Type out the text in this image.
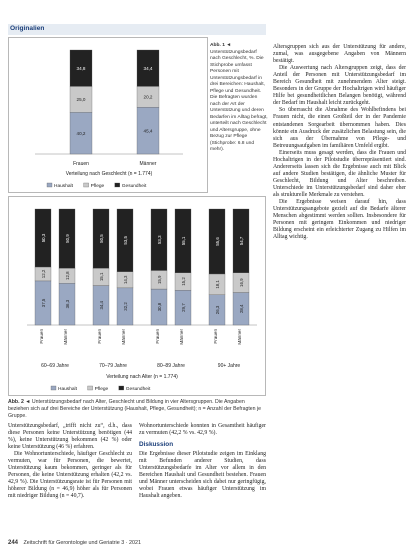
Originalien
40,2
25,0
34,8
45,4
20,2
34,4
Frauen	Männer
Verteilung nach Geschlecht (n = 1.774)
Haushalt	Pflege	Gesundheit
Abb. 1 ◄ Unterstützungsbedarf nach Geschlecht, %. Die Stichprobe umfasst Personen mit Unterstützungsbedarf in drei Bereichen: Haushalt, Pflege und Gesundheit. Die Befragten wurden nach der Art der Unterstützung und deren Bedarfen im Alltag befragt, unterteilt nach Geschlecht und Altersgruppe, ohne Bezug zur Pflege (Stichprobe: 6.8 und mehr).

Altersgruppen sich aus der Unterstützung für andere, zumal, was ausgegebene Angaben von Männern bestätigt.

Die Auswertung nach Altersgruppen zeigt, dass der Anteil der Personen mit Unterstützungsbedarf im Bereich Gesundheit mit zunehmendem Alter steigt. Besonders in der Gruppe der Hochaltrigen wird häufiger Hilfe bei gesundheitlichen Belangen benötigt, während der Bedarf im Haushalt leicht zurückgeht.

So überrascht die Abnahme des Wohlbefindens bei Frauen nicht, die einen Großteil der in der Pandemie entstandenen Sorgearbeit übernommen haben. Dies könnte ein Ausdruck der zusätzlichen Belastung sein, die sich aus der Übernahme von Pflege- und Betreuungsaufgaben im familiären Umfeld ergibt.

Einerseits muss gesagt werden, dass die Frauen und Hochaltrigen in der Pilotstudie überrepräsentiert sind. Andererseits lassen sich die Ergebnisse auch mit Blick auf andere Studien bestätigen, die ähnliche Muster für Geschlecht, Bildung und Alter beschreiben. Unterschiede im Unterstützungsbedarf sind daher eher als strukturelle Merkmale zu verstehen.

Die Ergebnisse weisen darauf hin, dass Unterstützungsangebote gezielt auf die Bedarfe älterer Menschen abgestimmt werden sollten. Insbesondere für Personen mit geringem Einkommen und niedriger Bildung erscheint ein erleichterter Zugang zu Hilfen im Alltag wichtig.

37,5
12,2
50,3
Frauen
36,3
12,8
50,9
Männer
34,4
15,1
50,5
Frauen
32,2
14,3
53,5
Männer
30,8
15,9
53,3
Frauen
29,7
15,2
55,1
Männer
26,3
18,1
55,6
Frauen
28,4
16,9
54,7
Männer
60–69 Jahre	70–79 Jahre	80–89 Jahre	90+ Jahre
Verteilung nach Alter (n = 1.774)
Haushalt	Pflege	Gesundheit
Abb. 2 ◄ Unterstützungsbedarf nach Alter, Geschlecht und Bildung in vier Altersgruppen. Die Angaben beziehen sich auf drei Bereiche der Unterstützung (Haushalt, Pflege, Gesundheit); n = Anzahl der Befragten je Gruppe.

Unterstützungsbedarf, „trifft nicht zu“, d.h., dass diese Personen keine Unterstützung benötigen (44 %), keine Unterstützung bekommen (42 %) oder keine Unterstützung (46 %) erfahren.

Die Wohnortunterschiede, häufiger Geschlecht zu vermuten, war für Personen, die bewertet, Unterstützung kaum bekommen, geringer als für Personen, die keine Unterstützung erhalten (42,2 vs. 42,9 %). Die Unterstützungsrate ist für Personen mit höherer Bildung (n = 46,9) höher als für Personen mit niedriger Bildung (n = 40,7).

Wohnortunterschiede konnten in Gesamtheit häufiger zu vermuten (42,2 % vs. 42,9 %).

Diskussion

Die Ergebnisse dieser Pilotstudie zeigen im Einklang mit Befunden anderer Studien, dass Unterstützungsbedarfe im Alter vor allem in den Bereichen Haushalt und Gesundheit bestehen. Frauen und Männer unterscheiden sich dabei nur geringfügig, wobei Frauen etwas häufiger Unterstützung im Haushalt angeben.

244 Zeitschrift für Gerontologie und Geriatrie 3 · 2021
